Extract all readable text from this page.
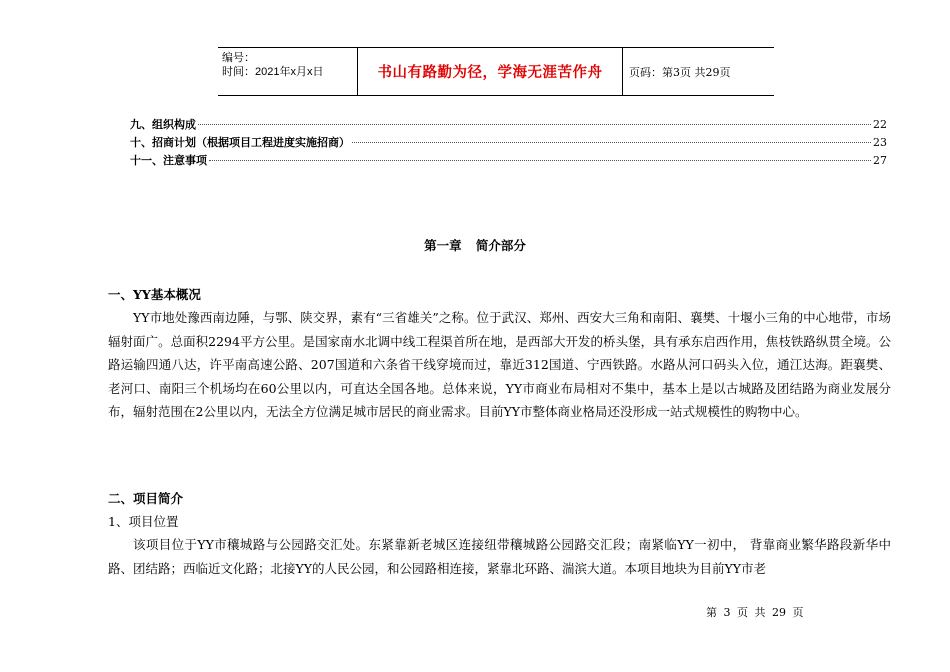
编号：
时间：2021年x月x日	书山有路勤为径，学海无涯苦作舟	页码：第3页 共29页
九、组织构成	22
十、招商计划（根据项目工程进度实施招商）	23
十一、注意事项	27
第一章 简介部分
一、YY基本概况

YY市地处豫西南边陲，与鄂、陕交界，素有“三省雄关”之称。位于武汉、郑州、西安大三角和南阳、襄樊、十堰小三角的中心地带，市场辐射面广。总面积2294平方公里。是国家南水北调中线工程渠首所在地，是西部大开发的桥头堡，具有承东启西作用，焦枝铁路纵贯全境。公路运输四通八达，许平南高速公路、207国道和六条省干线穿境而过，靠近312国道、宁西铁路。水路从河口码头入位，通江达海。距襄樊、老河口、南阳三个机场均在60公里以内，可直达全国各地。总体来说，YY市商业布局相对不集中，基本上是以古城路及团结路为商业发展分布，辐射范围在2公里以内，无法全方位满足城市居民的商业需求。目前YY市整体商业格局还没形成一站式规模性的购物中心。

二、项目简介
1、项目位置

该项目位于YY市穰城路与公园路交汇处。东紧靠新老城区连接纽带穰城路公园路交汇段；南紧临YY一初中， 背靠商业繁华路段新华中路、团结路；西临近文化路；北接YY的人民公园，和公园路相连接，紧靠北环路、湍滨大道。本项目地块为目前YY市老

第 3 页 共 29 页
